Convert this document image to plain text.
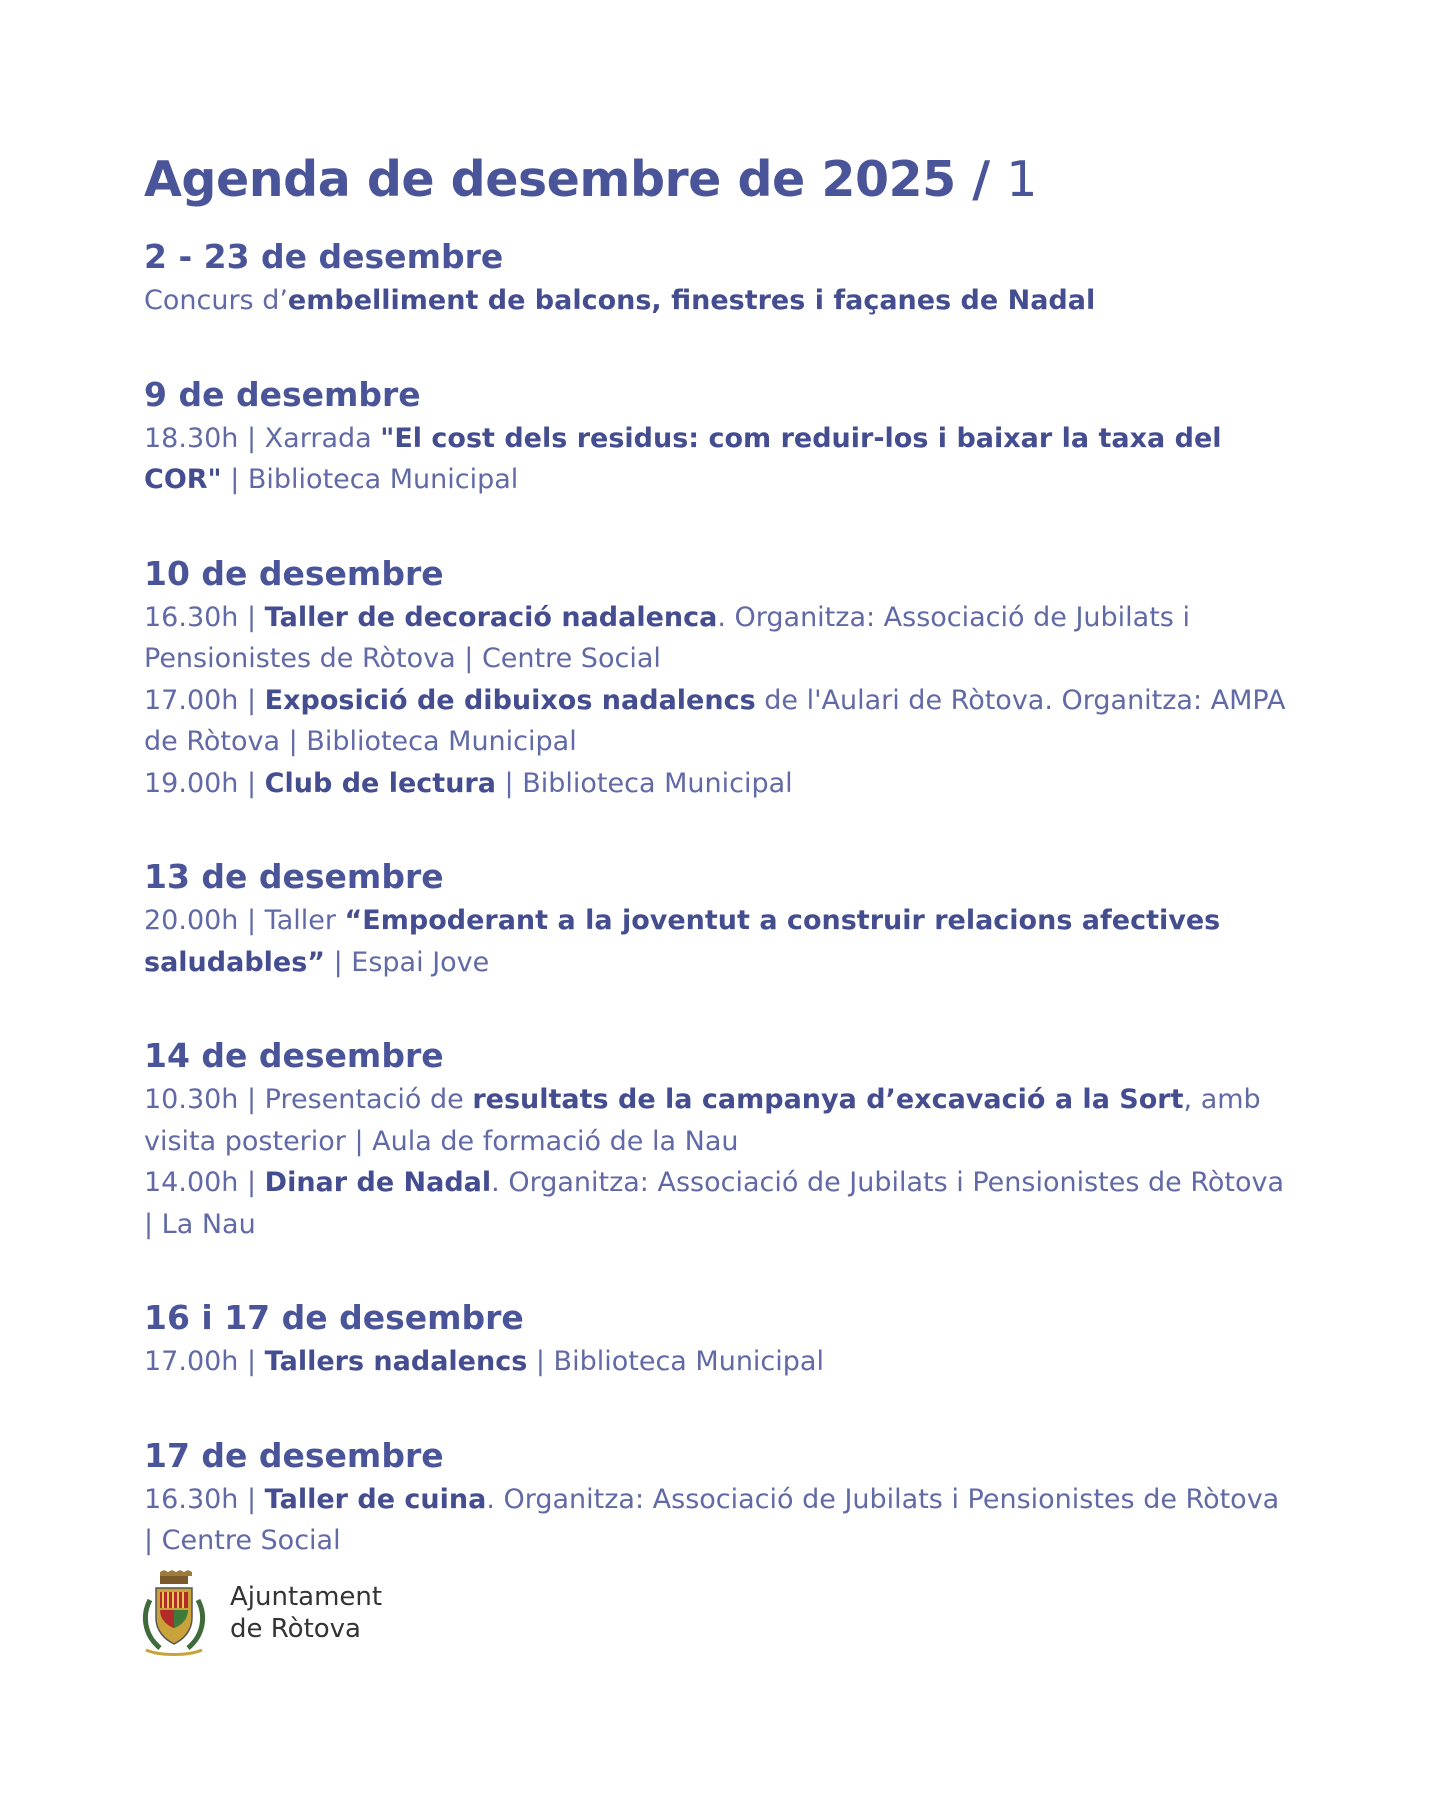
Agenda de desembre de 2025 / 1
2 - 23 de desembre

Concurs d’embelliment de balcons, finestres i façanes de Nadal

9 de desembre

18.30h | Xarrada "El cost dels residus: com reduir-los i baixar la taxa del COR" | Biblioteca Municipal

10 de desembre

16.30h | Taller de decoració nadalenca. Organitza: Associació de Jubilats i Pensionistes de Ròtova | Centre Social

17.00h | Exposició de dibuixos nadalencs de l'Aulari de Ròtova. Organitza: AMPA de Ròtova | Biblioteca Municipal

19.00h | Club de lectura | Biblioteca Municipal

13 de desembre

20.00h | Taller “Empoderant a la joventut a construir relacions afectives saludables” | Espai Jove

14 de desembre

10.30h | Presentació de resultats de la campanya d’excavació a la Sort, amb visita posterior | Aula de formació de la Nau

14.00h | Dinar de Nadal. Organitza: Associació de Jubilats i Pensionistes de Ròtova | La Nau

16 i 17 de desembre

17.00h | Tallers nadalencs | Biblioteca Municipal

17 de desembre

16.30h | Taller de cuina. Organitza: Associació de Jubilats i Pensionistes de Ròtova | Centre Social

Ajuntament
de Ròtova
